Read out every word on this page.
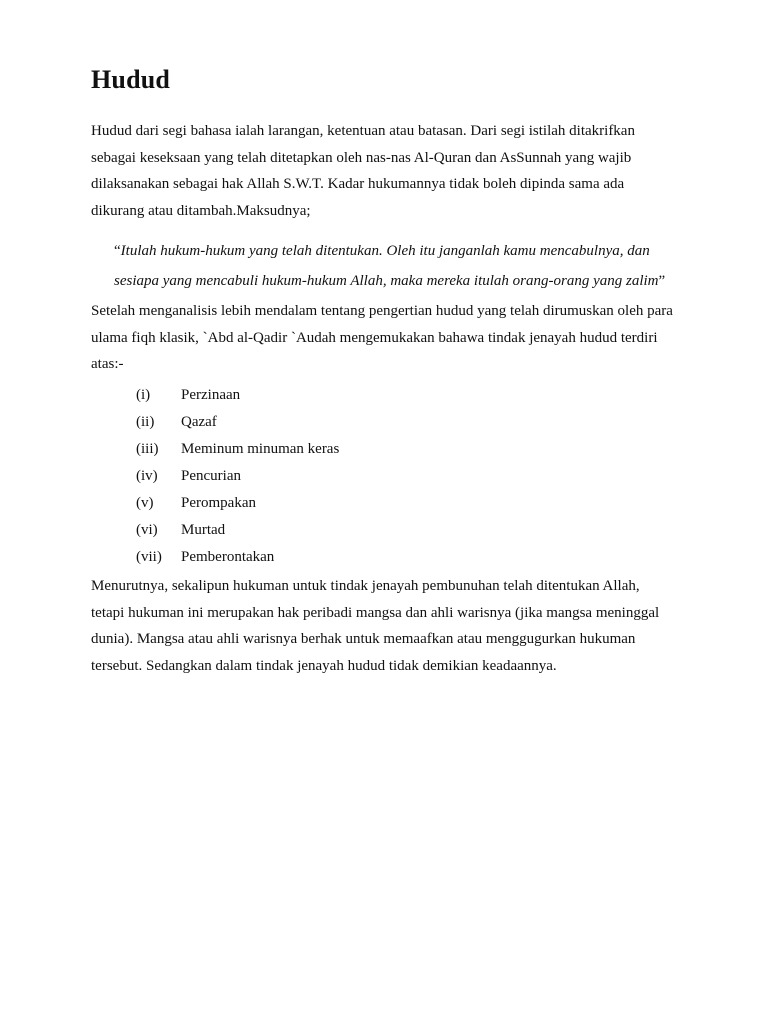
Hudud

Hudud dari segi bahasa ialah larangan, ketentuan atau batasan. Dari segi istilah ditakrifkan
sebagai keseksaan yang telah ditetapkan oleh nas-nas Al-Quran dan AsSunnah yang wajib
dilaksanakan sebagai hak Allah S.W.T. Kadar hukumannya tidak boleh dipinda sama ada
dikurang atau ditambah.Maksudnya;

“Itulah hukum-hukum yang telah ditentukan. Oleh itu janganlah kamu mencabulnya, dan
sesiapa yang mencabuli hukum-hukum Allah, maka mereka itulah orang-orang yang zalim”

Setelah menganalisis lebih mendalam tentang pengertian hudud yang telah dirumuskan oleh para
ulama fiqh klasik, `Abd al-Qadir `Audah mengemukakan bahawa tindak jenayah hudud terdiri
atas:-

(i)	Perzinaan
(ii)	Qazaf
(iii)	Meminum minuman keras
(iv)	Pencurian
(v)	Perompakan
(vi)	Murtad
(vii)	Pemberontakan

Menurutnya, sekalipun hukuman untuk tindak jenayah pembunuhan telah ditentukan Allah,
tetapi hukuman ini merupakan hak peribadi mangsa dan ahli warisnya (jika mangsa meninggal
dunia). Mangsa atau ahli warisnya berhak untuk memaafkan atau menggugurkan hukuman
tersebut. Sedangkan dalam tindak jenayah hudud tidak demikian keadaannya.
